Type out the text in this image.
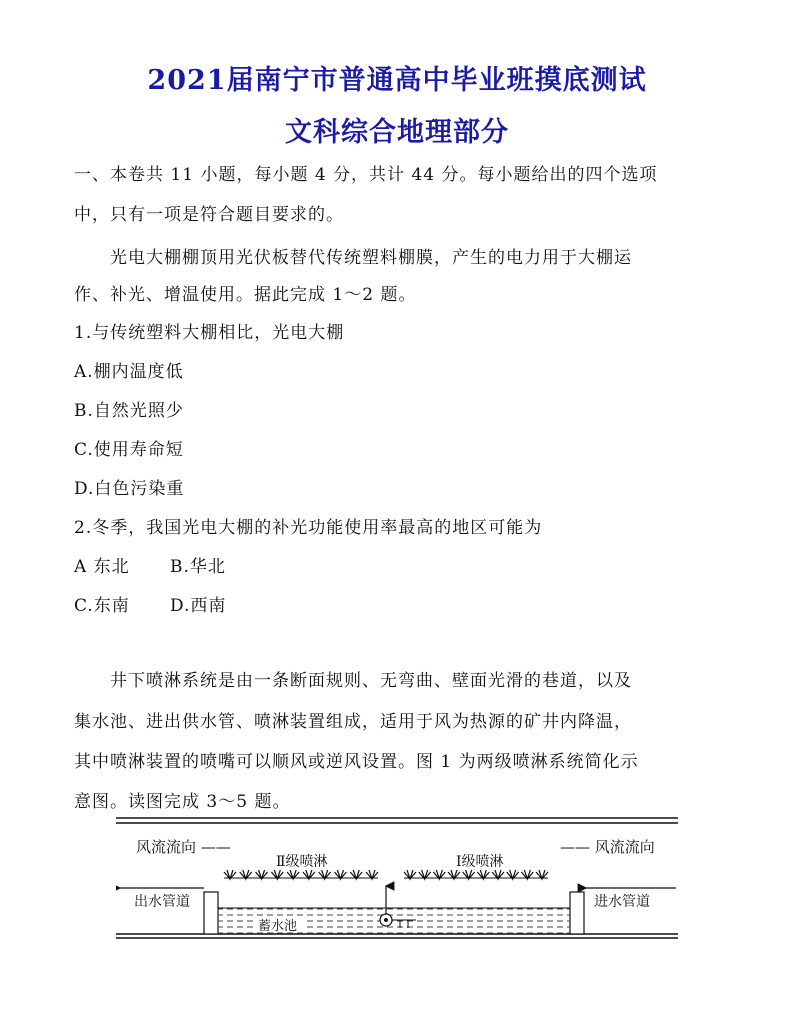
2021届南宁市普通高中毕业班摸底测试
文科综合地理部分
一、本卷共 11 小题，每小题 4 分，共计 44 分。每小题给出的四个选项
中，只有一项是符合题目要求的。
光电大棚棚顶用光伏板替代传统塑料棚膜，产生的电力用于大棚运
作、补光、增温使用。据此完成 1～2 题。
1.与传统塑料大棚相比，光电大棚
A.棚内温度低
B.自然光照少
C.使用寿命短
D.白色污染重
2.冬季，我国光电大棚的补光功能使用率最高的地区可能为
A 东北 B.华北
C.东南 D.西南
井下喷淋系统是由一条断面规则、无弯曲、壁面光滑的巷道，以及
集水池、进出供水管、喷淋装置组成，适用于风为热源的矿井内降温，
其中喷淋装置的喷嘴可以顺风或逆风设置。图 1 为两级喷淋系统简化示
意图。读图完成 3～5 题。
风流流向 ——	—— 风流流向
Ⅱ级喷淋	Ⅰ级喷淋
出水管道	进水管道
蓄水池
